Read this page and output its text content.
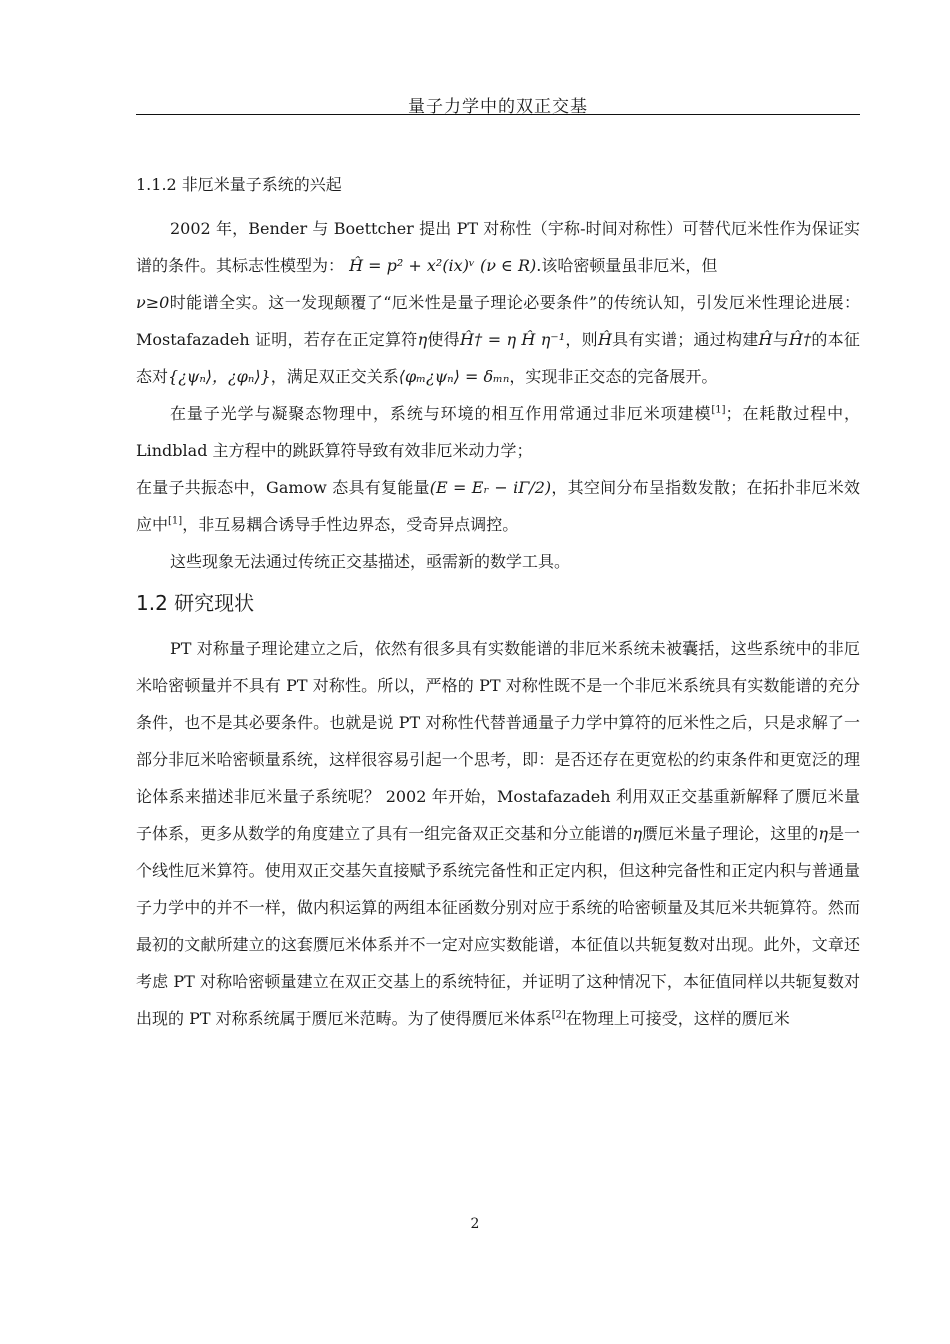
量子力学中的双正交基
1.1.2 非厄米量子系统的兴起

2002 年，Bender 与 Boettcher 提出 PT 对称性（宇称-时间对称性）可替代厄米性作为保证实谱的条件。其标志性模型为： Ĥ = p² + x²(ix)ᵛ (ν ∈ R).该哈密顿量虽非厄米，但

ν≥0时能谱全实。这一发现颠覆了“厄米性是量子理论必要条件”的传统认知，引发厄米性理论进展：Mostafazadeh 证明，若存在正定算符η使得Ĥ† = η Ĥ η⁻¹，则Ĥ具有实谱；通过构建Ĥ与Ĥ†的本征态对{¿ψₙ⟩，¿φₙ⟩}，满足双正交关系⟨φₘ¿ψₙ⟩ = δₘₙ，实现非正交态的完备展开。

在量子光学与凝聚态物理中，系统与环境的相互作用常通过非厄米项建模[1]；在耗散过程中，Lindblad 主方程中的跳跃算符导致有效非厄米动力学；

在量子共振态中，Gamow 态具有复能量(E = Eᵣ − iΓ/2)，其空间分布呈指数发散；在拓扑非厄米效应中[1]，非互易耦合诱导手性边界态，受奇异点调控。

这些现象无法通过传统正交基描述，亟需新的数学工具。

1.2 研究现状

PT 对称量子理论建立之后，依然有很多具有实数能谱的非厄米系统未被囊括，这些系统中的非厄米哈密顿量并不具有 PT 对称性。所以，严格的 PT 对称性既不是一个非厄米系统具有实数能谱的充分条件，也不是其必要条件。也就是说 PT 对称性代替普通量子力学中算符的厄米性之后，只是求解了一部分非厄米哈密顿量系统，这样很容易引起一个思考，即：是否还存在更宽松的约束条件和更宽泛的理论体系来描述非厄米量子系统呢？ 2002 年开始，Mostafazadeh 利用双正交基重新解释了赝厄米量子体系，更多从数学的角度建立了具有一组完备双正交基和分立能谱的η赝厄米量子理论，这里的η是一个线性厄米算符。使用双正交基矢直接赋予系统完备性和正定内积，但这种完备性和正定内积与普通量子力学中的并不一样，做内积运算的两组本征函数分别对应于系统的哈密顿量及其厄米共轭算符。然而最初的文献所建立的这套赝厄米体系并不一定对应实数能谱，本征值以共轭复数对出现。此外，文章还考虑 PT 对称哈密顿量建立在双正交基上的系统特征，并证明了这种情况下，本征值同样以共轭复数对出现的 PT 对称系统属于赝厄米范畴。为了使得赝厄米体系[2]在物理上可接受，这样的赝厄米

2
